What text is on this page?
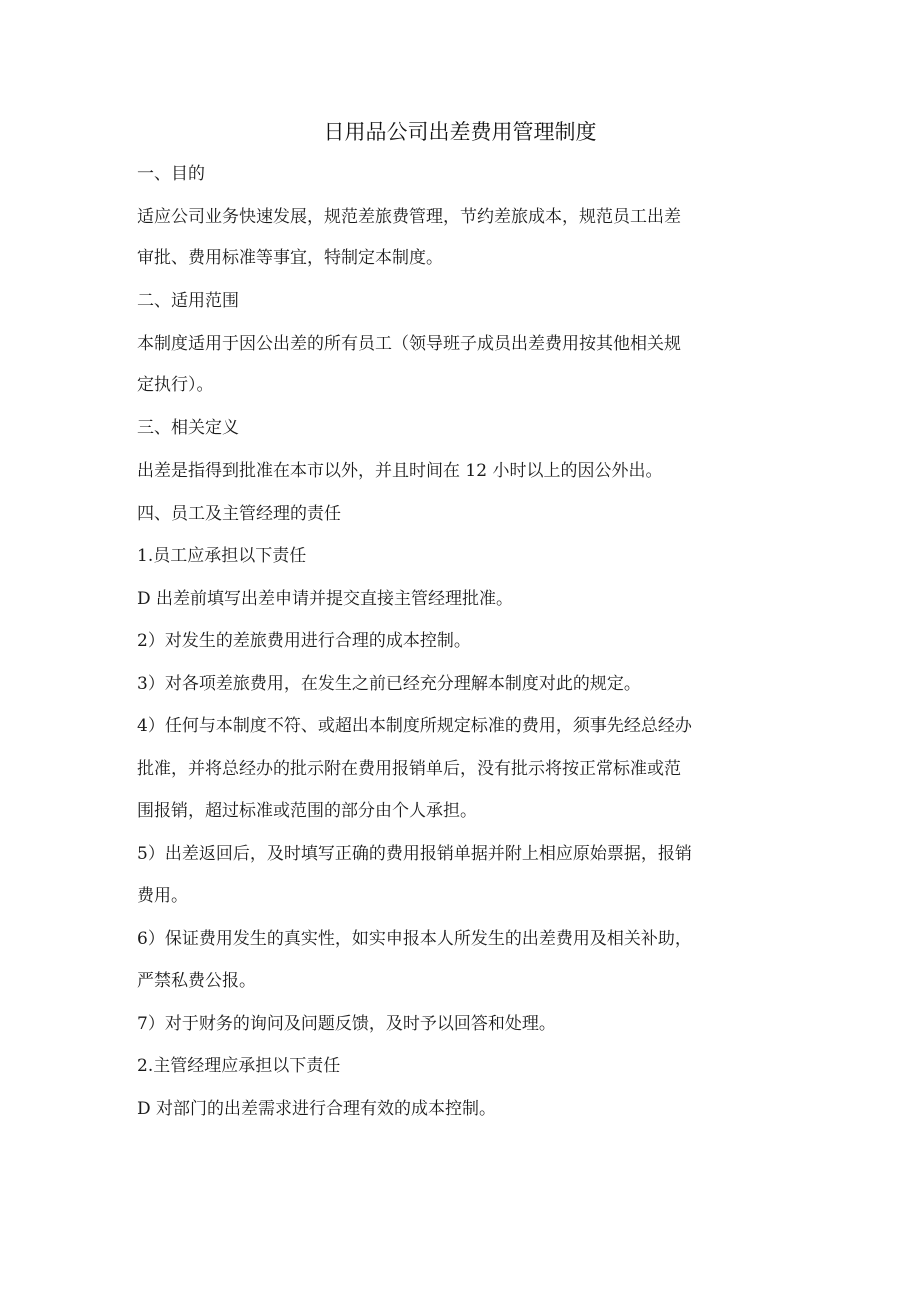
日用品公司出差费用管理制度

一、目的

适应公司业务快速发展，规范差旅费管理，节约差旅成本，规范员工出差

审批、费用标准等事宜，特制定本制度。

二、适用范围

本制度适用于因公出差的所有员工（领导班子成员出差费用按其他相关规

定执行）。

三、相关定义

出差是指得到批准在本市以外，并且时间在 12 小时以上的因公外出。

四、员工及主管经理的责任

1.员工应承担以下责任

D 出差前填写出差申请并提交直接主管经理批准。

2）对发生的差旅费用进行合理的成本控制。

3）对各项差旅费用，在发生之前已经充分理解本制度对此的规定。

4）任何与本制度不符、或超出本制度所规定标准的费用，须事先经总经办

批准，并将总经办的批示附在费用报销单后，没有批示将按正常标准或范

围报销，超过标准或范围的部分由个人承担。

5）出差返回后，及时填写正确的费用报销单据并附上相应原始票据，报销

费用。

6）保证费用发生的真实性，如实申报本人所发生的出差费用及相关补助，

严禁私费公报。

7）对于财务的询问及问题反馈，及时予以回答和处理。

2.主管经理应承担以下责任

D 对部门的出差需求进行合理有效的成本控制。
